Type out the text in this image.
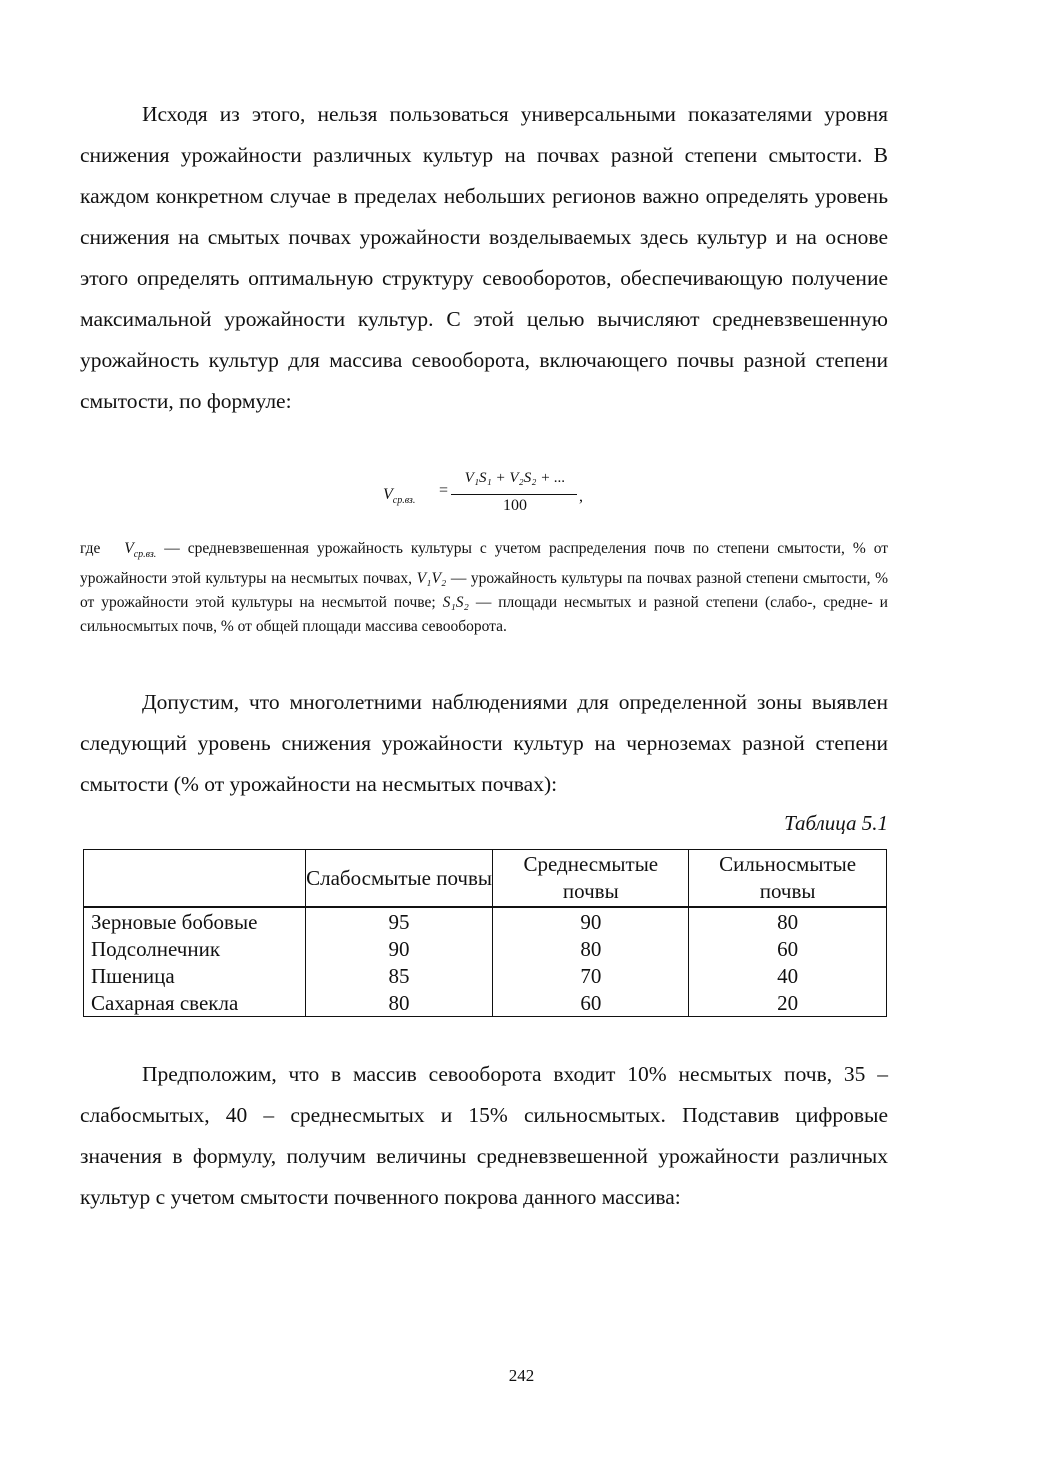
Исходя из этого, нельзя пользоваться универсальными показателями уровня снижения урожайности различных культур на почвах разной степени смытости. В каждом конкретном случае в пределах небольших регионов важно определять уровень снижения на смытых почвах урожайности возделываемых здесь культур и на основе этого определять оптимальную структуру севооборотов, обеспечивающую получение максимальной урожайности культур. С этой целью вычисляют средневзвешенную урожайность культур для массива севооборота, включающего почвы разной степени смытости, по формуле:

$V_{ср.вз.}$
=
V₁S₁ + V₂S₂ + ...
100
,

где $V_{ср.вз.}$ — средневзвешенная урожайность культуры с учетом распределения почв по степени смытости, % от урожайности этой культуры на несмытых почвах, V₁V₂ — урожайность культуры па почвах разной степени смытости, % от урожайности этой культуры на несмытой почве; S₁S₂ — площади несмытых и разной степени (слабо-, средне- и сильносмытых почв, % от общей площади массива севооборота.

Допустим, что многолетними наблюдениями для определенной зоны выявлен следующий уровень снижения урожайности культур на черноземах разной степени смытости (% от урожайности на несмытых почвах):

Таблица 5.1
	Слабосмытые почвы	Среднесмытые почвы	Сильносмытые почвы
Зерновые бобовые	95	90	80
Подсолнечник	90	80	60
Пшеница	85	70	40
Сахарная свекла	80	60	20

Предположим, что в массив севооборота входит 10% несмытых почв, 35 – слабосмытых, 40 – среднесмытых и 15% сильносмытых. Подставив цифровые значения в формулу, получим величины средневзвешенной урожайности различных культур с учетом смытости почвенного покрова данного массива:

242
